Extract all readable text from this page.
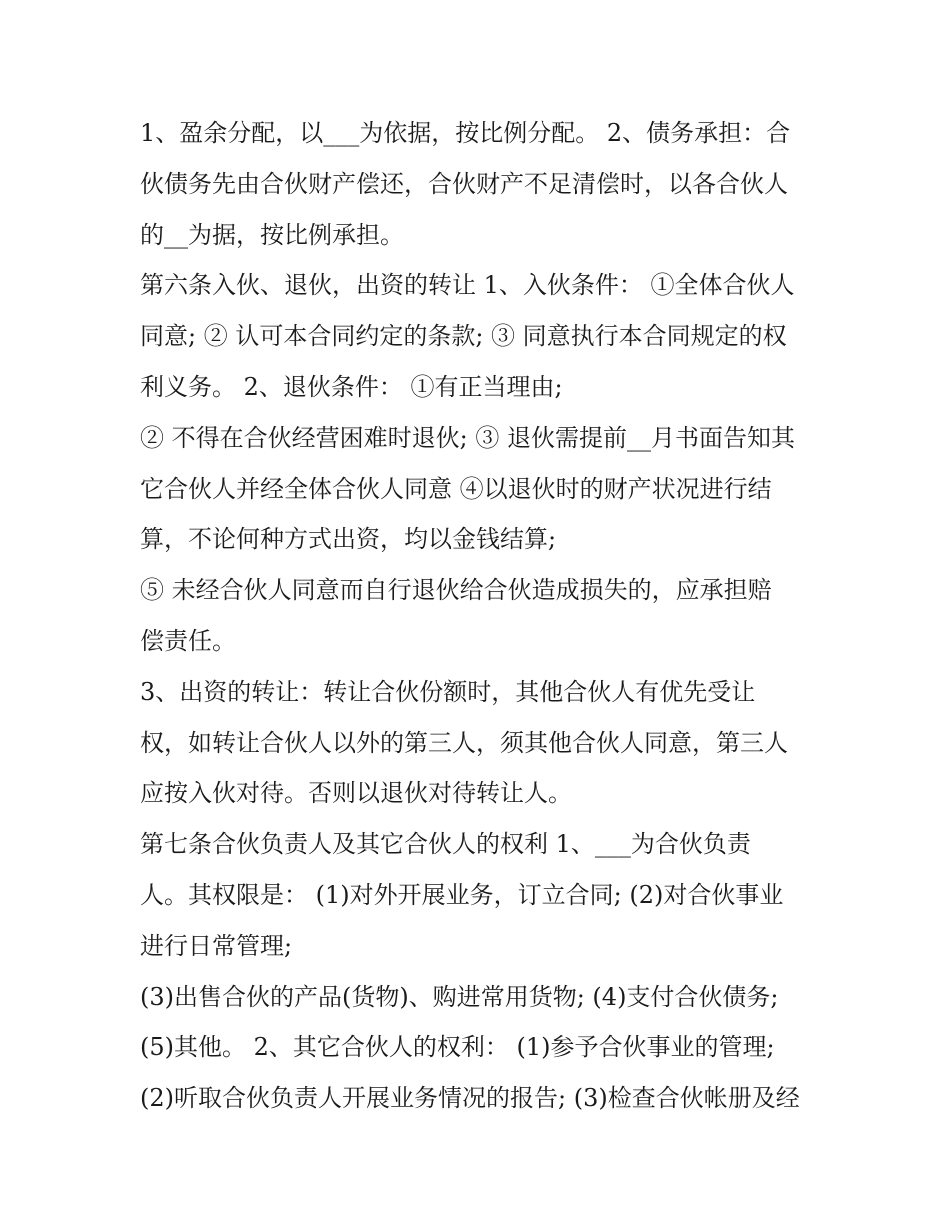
1、盈余分配，以___为依据，按比例分配。 2、债务承担：合
伙债务先由合伙财产偿还，合伙财产不足清偿时，以各合伙人
的__为据，按比例承担。
第六条入伙、退伙，出资的转让 1、入伙条件： ①全体合伙人
同意; ② 认可本合同约定的条款; ③ 同意执行本合同规定的权
利义务。 2、退伙条件： ①有正当理由;
② 不得在合伙经营困难时退伙; ③ 退伙需提前__月书面告知其
它合伙人并经全体合伙人同意 ④以退伙时的财产状况进行结
算，不论何种方式出资，均以金钱结算;
⑤ 未经合伙人同意而自行退伙给合伙造成损失的，应承担赔
偿责任。
3、出资的转让：转让合伙份额时，其他合伙人有优先受让
权，如转让合伙人以外的第三人，须其他合伙人同意，第三人
应按入伙对待。否则以退伙对待转让人。
第七条合伙负责人及其它合伙人的权利 1、___为合伙负责
人。其权限是： (1)对外开展业务，订立合同; (2)对合伙事业
进行日常管理;
(3)出售合伙的产品(货物)、购进常用货物; (4)支付合伙债务;
(5)其他。 2、其它合伙人的权利： (1)参予合伙事业的管理;
(2)听取合伙负责人开展业务情况的报告; (3)检查合伙帐册及经
